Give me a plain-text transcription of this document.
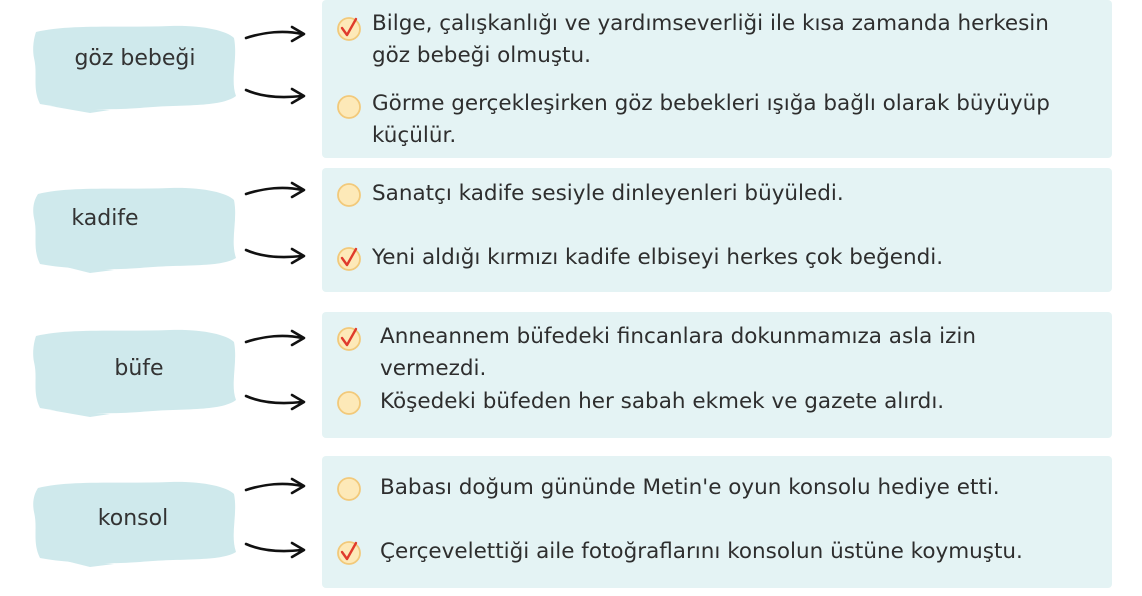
göz bebeği
Bilge, çalışkanlığı ve yardımseverliği ile kısa zamanda herkesin
göz bebeği olmuştu.
Görme gerçekleşirken göz bebekleri ışığa bağlı olarak büyüyüp
küçülür.
kadife
Sanatçı kadife sesiyle dinleyenleri büyüledi.
Yeni aldığı kırmızı kadife elbiseyi herkes çok beğendi.
büfe
Anneannem büfedeki fincanlara dokunmamıza asla izin
vermezdi.
Köşedeki büfeden her sabah ekmek ve gazete alırdı.
konsol
Babası doğum gününde Metin'e oyun konsolu hediye etti.
Çerçevelettiği aile fotoğraflarını konsolun üstüne koymuştu.
